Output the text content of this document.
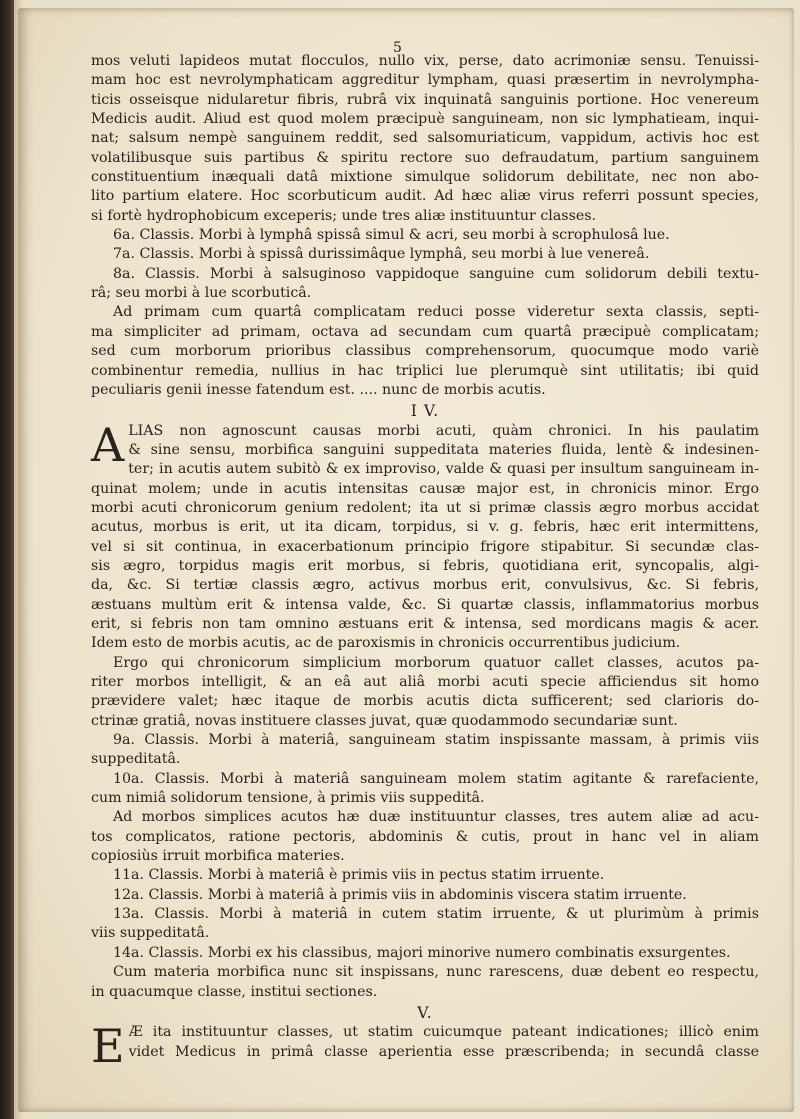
5
mos veluti lapideos mutat flocculos, nullo vix, perse, dato acrimoniæ sensu. Tenuissi-
mam hoc est nevrolymphaticam aggreditur lympham, quasi præsertim in nevrolympha-
ticis osseisque nidularetur fibris, rubrâ vix inquinatâ sanguinis portione. Hoc venereum
Medicis audit. Aliud est quod molem præcipuè sanguineam, non sic lymphatieam, inqui-
nat; salsum nempè sanguinem reddit, sed salsomuriaticum, vappidum, activis hoc est
volatilibusque suis partibus & spiritu rectore suo defraudatum, partium sanguinem
constituentium inæquali datâ mixtione simulque solidorum debilitate, nec non abo-
lito partium elatere. Hoc scorbuticum audit. Ad hæc aliæ virus referri possunt species,
si fortè hydrophobicum exceperis; unde tres aliæ instituuntur classes.
6a. Classis. Morbi à lymphâ spissâ simul & acri, seu morbi à scrophulosâ lue.
7a. Classis. Morbi à spissâ durissimâque lymphâ, seu morbi à lue venereâ.
8a. Classis. Morbi à salsuginoso vappidoque sanguine cum solidorum debili textu-
râ; seu morbi à lue scorbuticâ.
Ad primam cum quartâ complicatam reduci posse videretur sexta classis, septi-
ma simpliciter ad primam, octava ad secundam cum quartâ præcipuè complicatam;
sed cum morborum prioribus classibus comprehensorum, quocumque modo variè
combinentur remedia, nullius in hac triplici lue plerumquè sint utilitatis; ibi quid
peculiaris genii inesse fatendum est. .... nunc de morbis acutis.
I V.
A LIAS non agnoscunt causas morbi acuti, quàm chronici. In his paulatim
& sine sensu, morbifica sanguini suppeditata materies fluida, lentè & indesinen-
ter; in acutis autem subitò & ex improviso, valde & quasi per insultum sanguineam in-
quinat molem; unde in acutis intensitas causæ major est, in chronicis minor. Ergo
morbi acuti chronicorum genium redolent; ita ut si primæ classis ægro morbus accidat
acutus, morbus is erit, ut ita dicam, torpidus, si v. g. febris, hæc erit intermittens,
vel si sit continua, in exacerbationum principio frigore stipabitur. Si secundæ clas-
sis ægro, torpidus magis erit morbus, si febris, quotidiana erit, syncopalis, algi-
da, &c. Si tertiæ classis ægro, activus morbus erit, convulsivus, &c. Si febris,
æstuans multùm erit & intensa valde, &c. Si quartæ classis, inflammatorius morbus
erit, si febris non tam omnino æstuans erit & intensa, sed mordicans magis & acer.
Idem esto de morbis acutis, ac de paroxismis in chronicis occurrentibus judicium.
Ergo qui chronicorum simplicium morborum quatuor callet classes, acutos pa-
riter morbos intelligit, & an eâ aut aliâ morbi acuti specie afficiendus sit homo
prævidere valet; hæc itaque de morbis acutis dicta sufficerent; sed clarioris do-
ctrinæ gratiâ, novas instituere classes juvat, quæ quodammodo secundariæ sunt.
9a. Classis. Morbi à materiâ, sanguineam statim inspissante massam, à primis viis
suppeditatâ.
10a. Classis. Morbi à materiâ sanguineam molem statim agitante & rarefaciente,
cum nimiâ solidorum tensione, à primis viis suppeditâ.
Ad morbos simplices acutos hæ duæ instituuntur classes, tres autem aliæ ad acu-
tos complicatos, ratione pectoris, abdominis & cutis, prout in hanc vel in aliam
copiosiùs irruit morbifica materies.
11a. Classis. Morbi à materiâ è primis viis in pectus statim irruente.
12a. Classis. Morbi à materiâ à primis viis in abdominis viscera statim irruente.
13a. Classis. Morbi à materiâ in cutem statim irruente, & ut plurimùm à primis
viis suppeditatâ.
14a. Classis. Morbi ex his classibus, majori minorive numero combinatis exsurgentes.
Cum materia morbifica nunc sit inspissans, nunc rarescens, duæ debent eo respectu,
in quacumque classe, institui sectiones.
V.
E Æ ita instituuntur classes, ut statim cuicumque pateant indicationes; illicò enim
videt Medicus in primâ classe aperientia esse præscribenda; in secundâ classe
